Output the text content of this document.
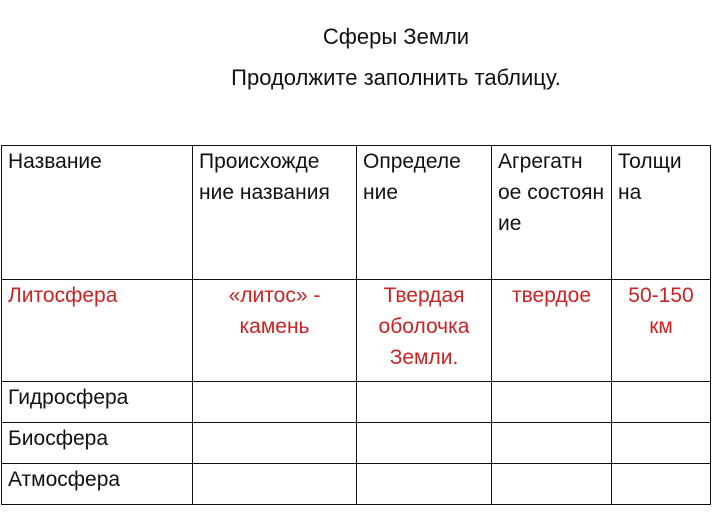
Сферы Земли
Продолжите заполнить таблицу.
Название	Происхожде ние названия	Определе ние	Агрегатн ое состоян ие	Толщи на
Литосфера	«литос» - камень	Твердая оболочка Земли.	твердое	50-150 км
Гидросфера				
Биосфера				
Атмосфера				
